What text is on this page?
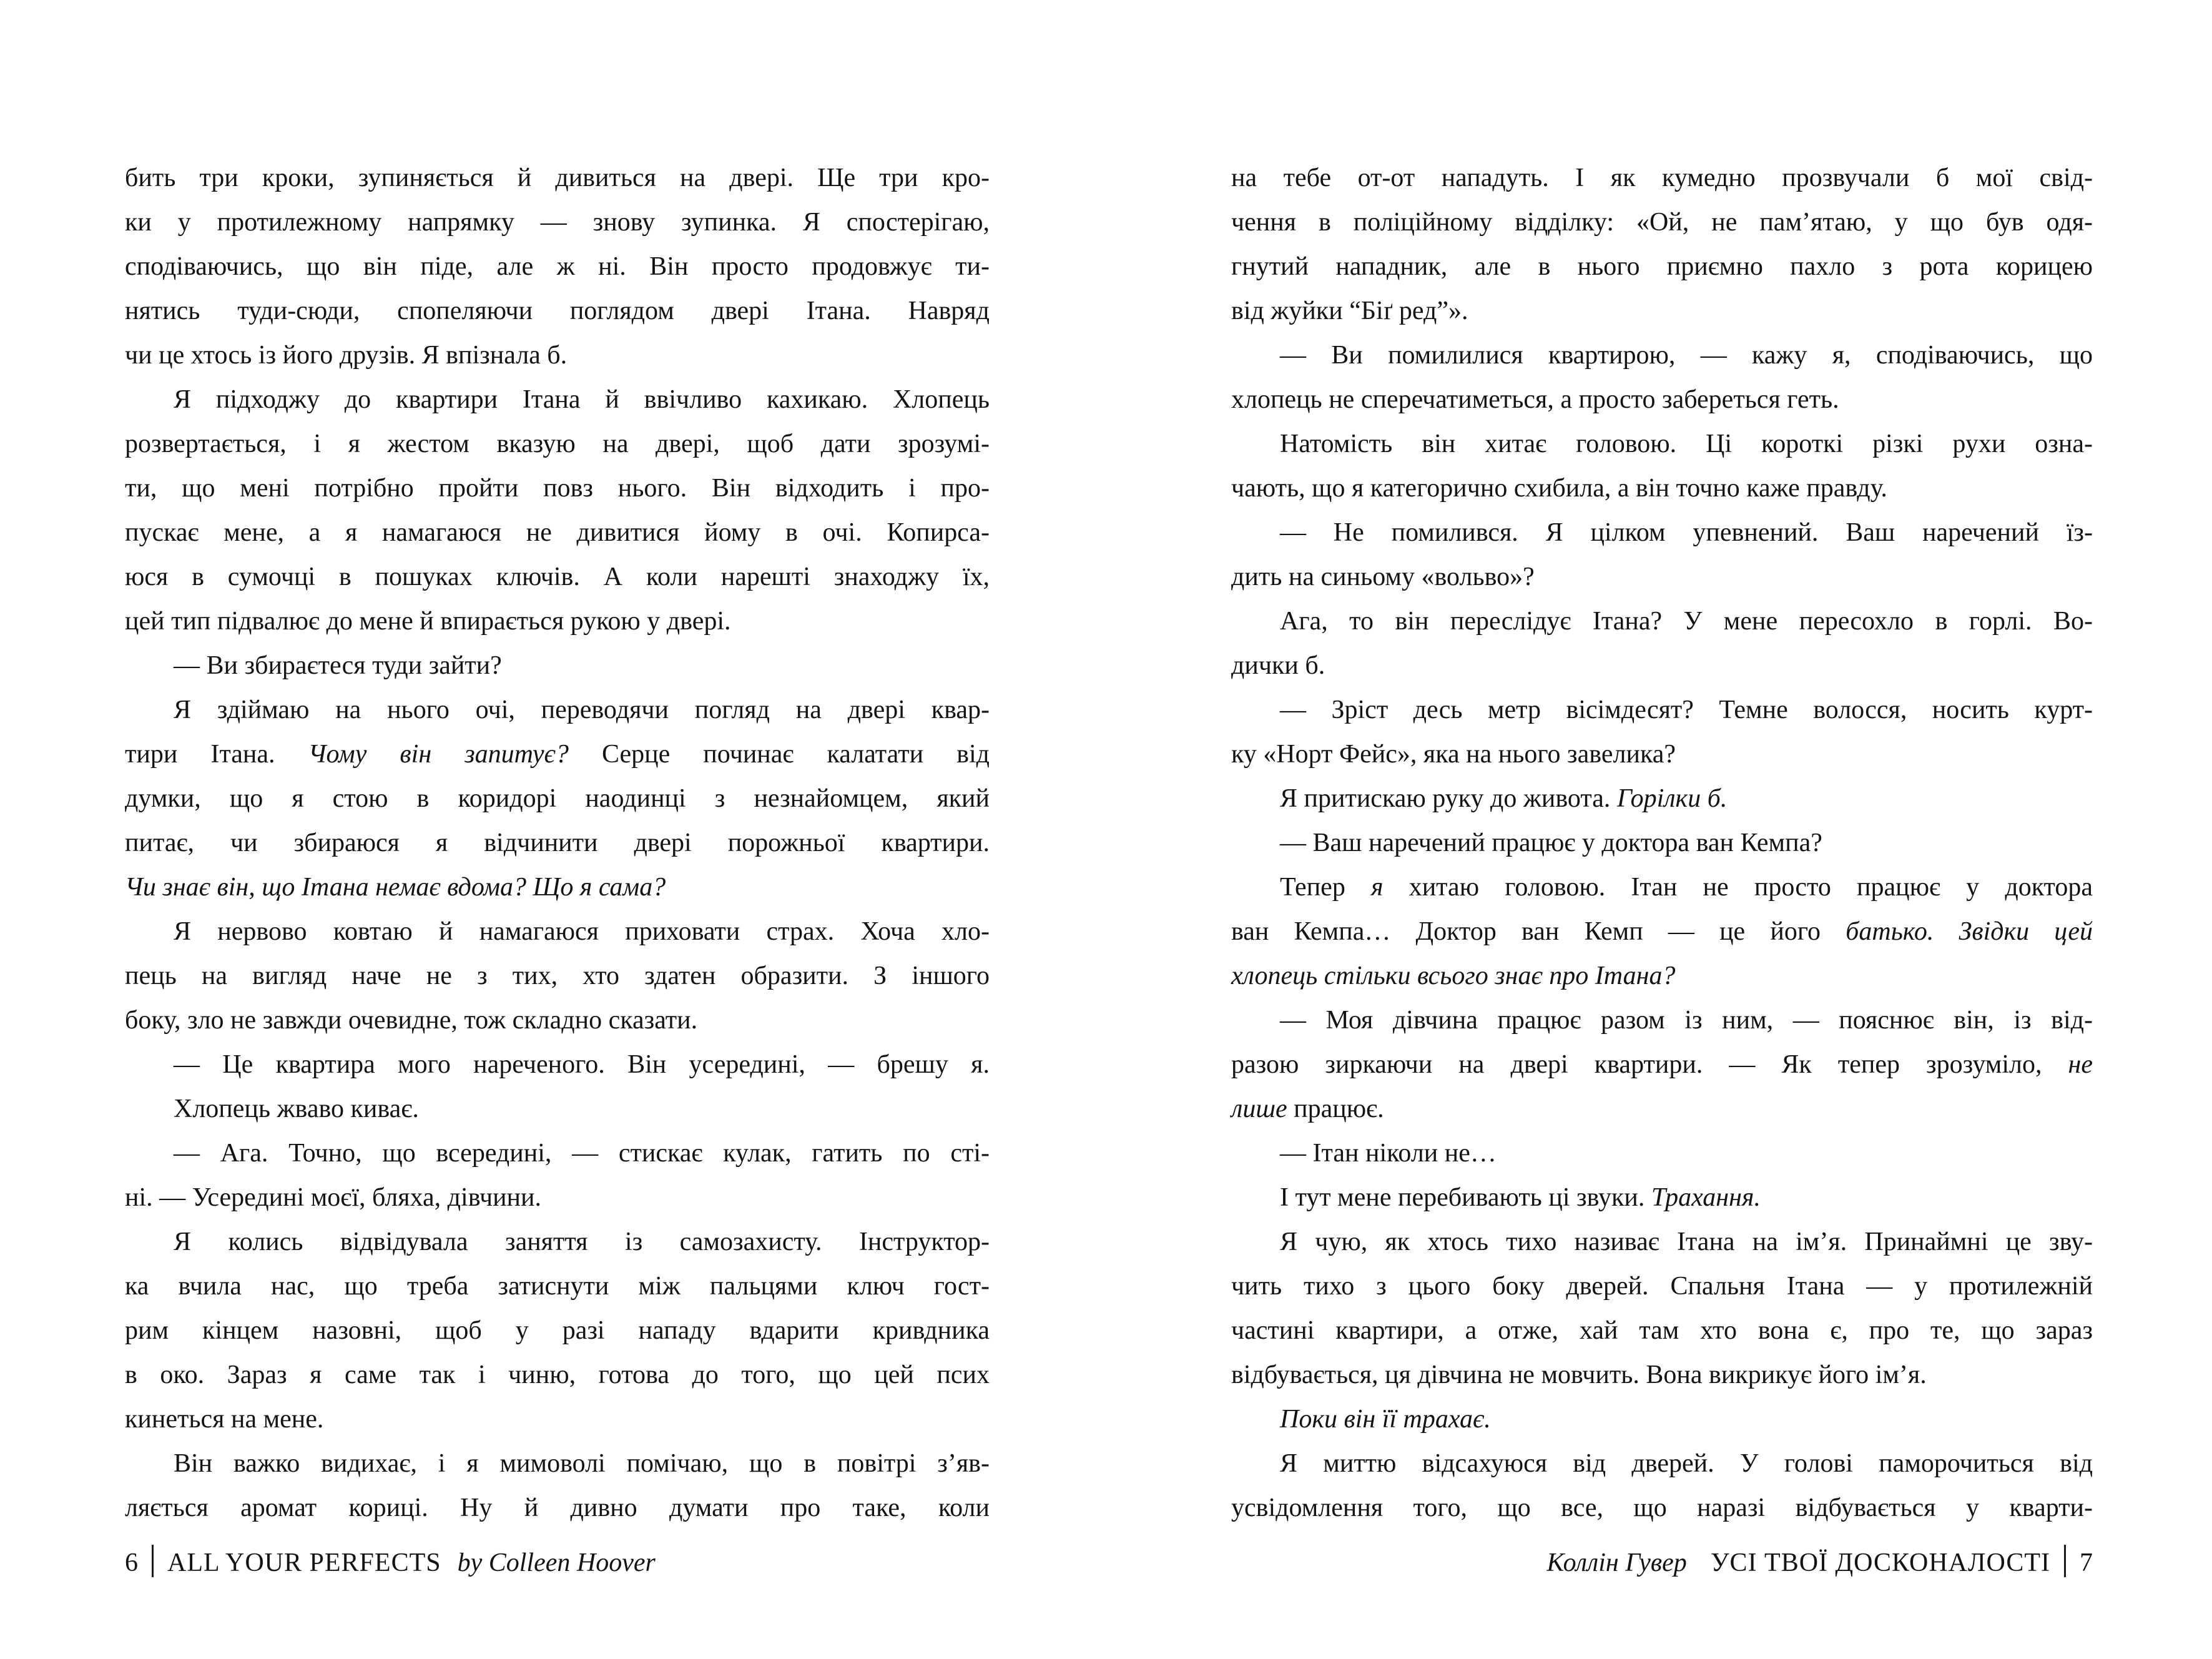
бить три кроки, зупиняється й дивиться на двері. Ще три кро-
ки у протилежному напрямку — знову зупинка. Я спостерігаю,
сподіваючись, що він піде, але ж ні. Він просто продовжує ти-
нятись туди-сюди, спопеляючи поглядом двері Ітана. Навряд
чи це хтось із його друзів. Я впізнала б.
Я підходжу до квартири Ітана й ввічливо кахикаю. Хлопець
розвертається, і я жестом вказую на двері, щоб дати зрозумі-
ти, що мені потрібно пройти повз нього. Він відходить і про-
пускає мене, а я намагаюся не дивитися йому в очі. Копирса-
юся в сумочці в пошуках ключів. А коли нарешті знаходжу їх,
цей тип підвалює до мене й впирається рукою у двері.
— Ви збираєтеся туди зайти?
Я здіймаю на нього очі, переводячи погляд на двері квар-
тири Ітана. Чому він запитує? Серце починає калатати від
думки, що я стою в коридорі наодинці з незнайомцем, який
питає, чи збираюся я відчинити двері порожньої квартири.
Чи знає він, що Ітана немає вдома? Що я сама?
Я нервово ковтаю й намагаюся приховати страх. Хоча хло-
пець на вигляд наче не з тих, хто здатен образити. З іншого
боку, зло не завжди очевидне, тож складно сказати.
— Це квартира мого нареченого. Він усередині, — брешу я.
Хлопець жваво киває.
— Ага. Точно, що всередині, — стискає кулак, гатить по сті-
ні. — Усередині моєї, бляха, дівчини.
Я колись відвідувала заняття із самозахисту. Інструктор-
ка вчила нас, що треба затиснути між пальцями ключ гост-
рим кінцем назовні, щоб у разі нападу вдарити кривдника
в око. Зараз я саме так і чиню, готова до того, що цей псих
кинеться на мене.
Він важко видихає, і я мимоволі помічаю, що в повітрі з’яв-
ляється аромат кориці. Ну й дивно думати про таке, коли
на тебе от-от нападуть. І як кумедно прозвучали б мої свід-
чення в поліційному відділку: «Ой, не пам’ятаю, у що був одя-
гнутий нападник, але в нього приємно пахло з рота корицею
від жуйки “Біґ ред”».
— Ви помилилися квартирою, — кажу я, сподіваючись, що
хлопець не сперечатиметься, а просто забереться геть.
Натомість він хитає головою. Ці короткі різкі рухи озна-
чають, що я категорично схибила, а він точно каже правду.
— Не помилився. Я цілком упевнений. Ваш наречений їз-
дить на синьому «вольво»?
Ага, то він переслідує Ітана? У мене пересохло в горлі. Во-
дички б.
— Зріст десь метр вісімдесят? Темне волосся, носить курт-
ку «Норт Фейс», яка на нього завелика?
Я притискаю руку до живота. Горілки б.
— Ваш наречений працює у доктора ван Кемпа?
Тепер я хитаю головою. Ітан не просто працює у доктора
ван Кемпа… Доктор ван Кемп — це його батько. Звідки цей
хлопець стільки всього знає про Ітана?
— Моя дівчина працює разом із ним, — пояснює він, із від-
разою зиркаючи на двері квартири. — Як тепер зрозуміло, не
лише працює.
— Ітан ніколи не…
І тут мене перебивають ці звуки. Трахання.
Я чую, як хтось тихо називає Ітана на ім’я. Принаймні це зву-
чить тихо з цього боку дверей. Спальня Ітана — у протилежній
частині квартири, а отже, хай там хто вона є, про те, що зараз
відбувається, ця дівчина не мовчить. Вона викрикує його ім’я.
Поки він її трахає.
Я миттю відсахуюся від дверей. У голові паморочиться від
усвідомлення того, що все, що наразі відбувається у кварти-
6 ALL YOUR PERFECTS by Colleen Hoover	Коллін Гувер УСІ ТВОЇ ДОСКОНАЛОСТІ 7
